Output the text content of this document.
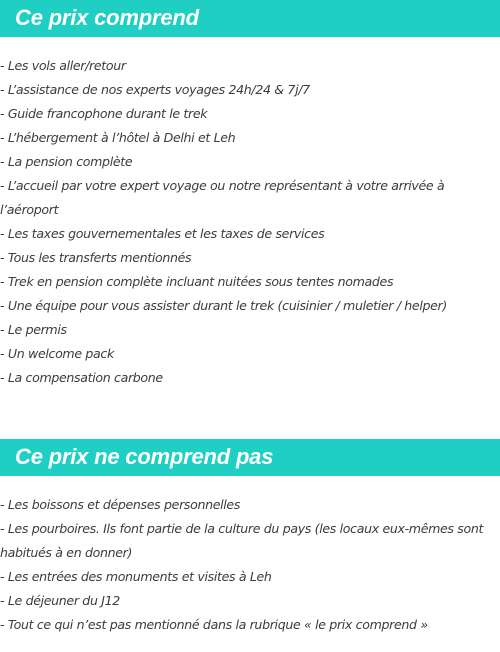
Ce prix comprend
- Les vols aller/retour
- L’assistance de nos experts voyages 24h/24 & 7j/7
- Guide francophone durant le trek
- L’hébergement à l’hôtel à Delhi et Leh
- La pension complète
- L’accueil par votre expert voyage ou notre représentant à votre arrivée à l’aéroport
- Les taxes gouvernementales et les taxes de services
- Tous les transferts mentionnés
- Trek en pension complète incluant nuitées sous tentes nomades
- Une équipe pour vous assister durant le trek (cuisinier / muletier / helper)
- Le permis
- Un welcome pack
- La compensation carbone
Ce prix ne comprend pas
- Les boissons et dépenses personnelles
- Les pourboires. Ils font partie de la culture du pays (les locaux eux-mêmes sont habitués à en donner)
- Les entrées des monuments et visites à Leh
- Le déjeuner du J12
- Tout ce qui n’est pas mentionné dans la rubrique « le prix comprend »
